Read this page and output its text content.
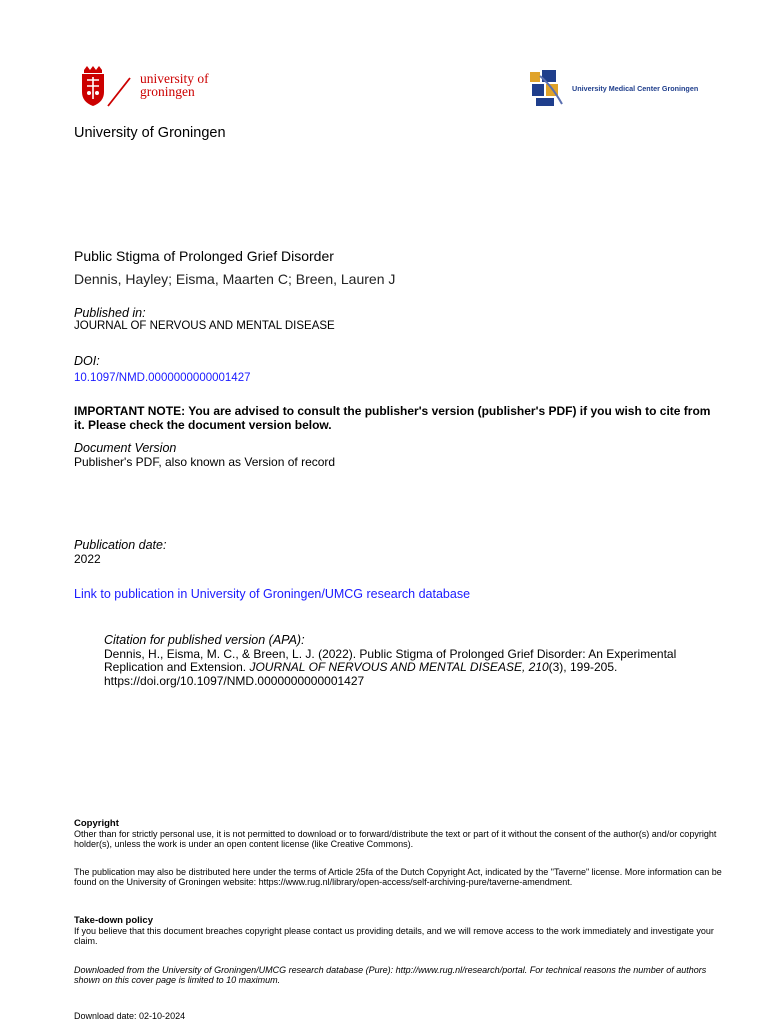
university of
groningen	University Medical Center Groningen
University of Groningen
Public Stigma of Prolonged Grief Disorder
Dennis, Hayley; Eisma, Maarten C; Breen, Lauren J
Published in:
JOURNAL OF NERVOUS AND MENTAL DISEASE
DOI:
10.1097/NMD.0000000000001427
IMPORTANT NOTE: You are advised to consult the publisher's version (publisher's PDF) if you wish to cite from it. Please check the document version below.
Document Version
Publisher's PDF, also known as Version of record
Publication date:
2022
Link to publication in University of Groningen/UMCG research database
Citation for published version (APA):
Dennis, H., Eisma, M. C., & Breen, L. J. (2022). Public Stigma of Prolonged Grief Disorder: An Experimental Replication and Extension. JOURNAL OF NERVOUS AND MENTAL DISEASE, 210(3), 199-205. https://doi.org/10.1097/NMD.0000000000001427
Copyright
Other than for strictly personal use, it is not permitted to download or to forward/distribute the text or part of it without the consent of the author(s) and/or copyright holder(s), unless the work is under an open content license (like Creative Commons).
The publication may also be distributed here under the terms of Article 25fa of the Dutch Copyright Act, indicated by the "Taverne" license. More information can be found on the University of Groningen website: https://www.rug.nl/library/open-access/self-archiving-pure/taverne-amendment.
Take-down policy
If you believe that this document breaches copyright please contact us providing details, and we will remove access to the work immediately and investigate your claim.
Downloaded from the University of Groningen/UMCG research database (Pure): http://www.rug.nl/research/portal. For technical reasons the number of authors shown on this cover page is limited to 10 maximum.
Download date: 02-10-2024
